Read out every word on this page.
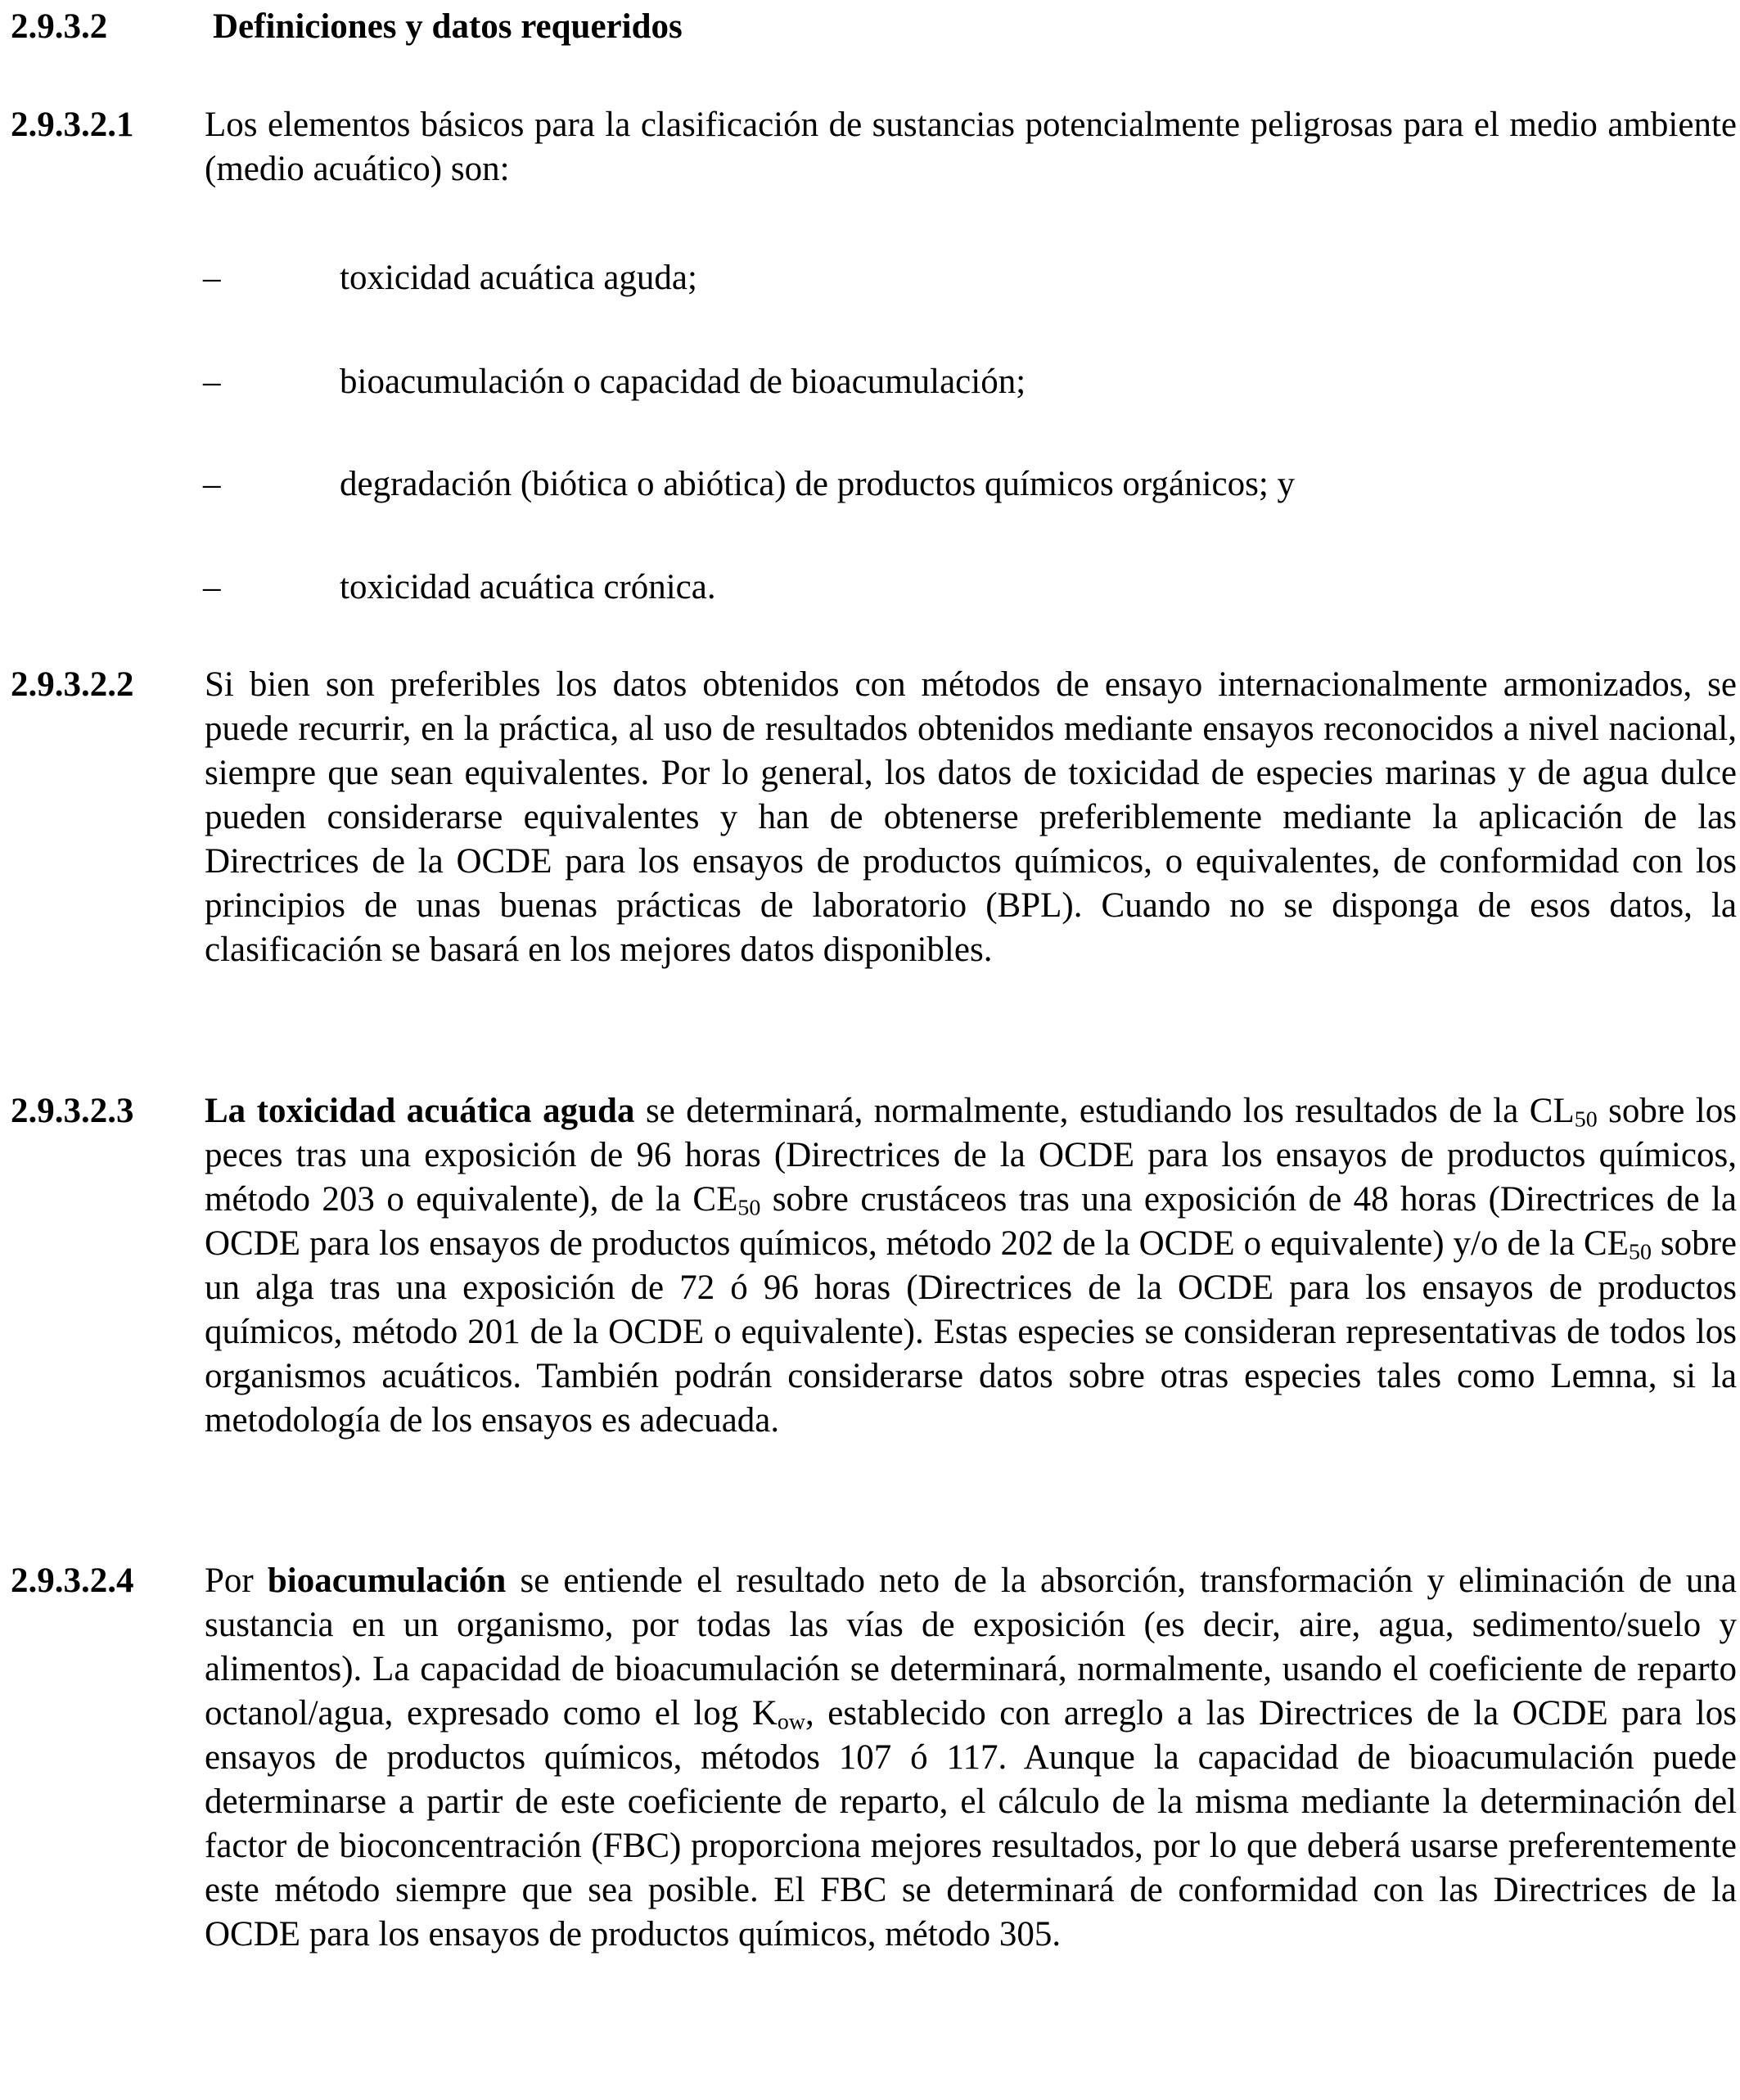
2.9.3.2	Definiciones y datos requeridos
2.9.3.2.1 Los elementos básicos para la clasificación de sustancias potencialmente peligrosas para el medio ambiente (medio acuático) son:
–	toxicidad acuática aguda;
–	bioacumulación o capacidad de bioacumulación;
–	degradación (biótica o abiótica) de productos químicos orgánicos; y
–	toxicidad acuática crónica.
2.9.3.2.2 Si bien son preferibles los datos obtenidos con métodos de ensayo internacionalmente armonizados, se puede recurrir, en la práctica, al uso de resultados obtenidos mediante ensayos reconocidos a nivel nacional, siempre que sean equivalentes. Por lo general, los datos de toxicidad de especies marinas y de agua dulce pueden considerarse equivalentes y han de obtenerse preferiblemente mediante la aplicación de las Directrices de la OCDE para los ensayos de productos químicos, o equivalentes, de conformidad con los principios de unas buenas prácticas de laboratorio (BPL). Cuando no se disponga de esos datos, la clasificación se basará en los mejores datos disponibles.
2.9.3.2.3 La toxicidad acuática aguda se determinará, normalmente, estudiando los resultados de la $CL_{50}$ sobre los peces tras una exposición de 96 horas (Directrices de la OCDE para los ensayos de productos químicos, método 203 o equivalente), de la $CE_{50}$ sobre crustáceos tras una exposición de 48 horas (Directrices de la OCDE para los ensayos de productos químicos, método 202 de la OCDE o equivalente) y/o de la $CE_{50}$ sobre un alga tras una exposición de 72 ó 96 horas (Directrices de la OCDE para los ensayos de productos químicos, método 201 de la OCDE o equivalente). Estas especies se consideran representativas de todos los organismos acuáticos. También podrán considerarse datos sobre otras especies tales como Lemna, si la metodología de los ensayos es adecuada.
2.9.3.2.4 Por bioacumulación se entiende el resultado neto de la absorción, transformación y eliminación de una sustancia en un organismo, por todas las vías de exposición (es decir, aire, agua, sedimento/suelo y alimentos). La capacidad de bioacumulación se determinará, normalmente, usando el coeficiente de reparto octanol/agua, expresado como el $\log K_{ow}$, establecido con arreglo a las Directrices de la OCDE para los ensayos de productos químicos, métodos 107 ó 117. Aunque la capacidad de bioacumulación puede determinarse a partir de este coeficiente de reparto, el cálculo de la misma mediante la determinación del factor de bioconcentración (FBC) proporciona mejores resultados, por lo que deberá usarse preferentemente este método siempre que sea posible. El FBC se determinará de conformidad con las Directrices de la OCDE para los ensayos de productos químicos, método 305.
